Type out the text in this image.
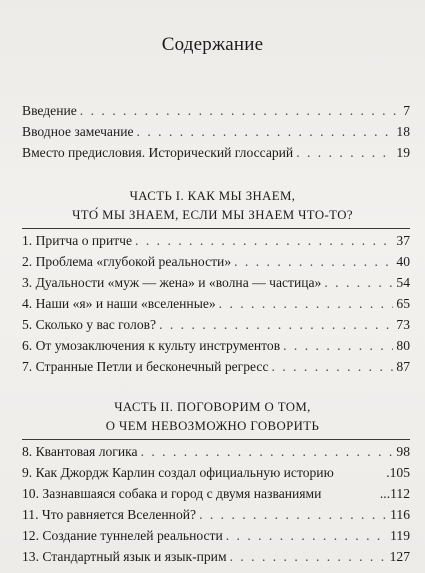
Содержание
Введение . . .	7
Вводное замечание . . .	18
Вместо предисловия. Исторический глоссарий . . .	19
ЧАСТЬ I. КАК МЫ ЗНАЕМ,
ЧТО́ МЫ ЗНАЕМ, ЕСЛИ МЫ ЗНАЕМ ЧТО-ТО?
1. Притча о притче . . .	37
2. Проблема «глубокой реальности» . . .	40
3. Дуальности «муж — жена» и «волна — частица» . . .	54
4. Наши «я» и наши «вселенные» . . .	65
5. Сколько у вас голов? . . .	73
6. От умозаключения к культу инструментов . . .	80
7. Странные Петли и бесконечный регресс . . .	87
ЧАСТЬ II. ПОГОВОРИМ О ТОМ,
О ЧЕМ НЕВОЗМОЖНО ГОВОРИТЬ
8. Квантовая логика . . .	98
9. Как Джордж Карлин создал официальную историю	.105
10. Зазнавшаяся собака и город с двумя названиями	...112
11. Что равняется Вселенной? . . .	116
12. Создание туннелей реальности . . .	119
13. Стандартный язык и язык-прим . . .	127
